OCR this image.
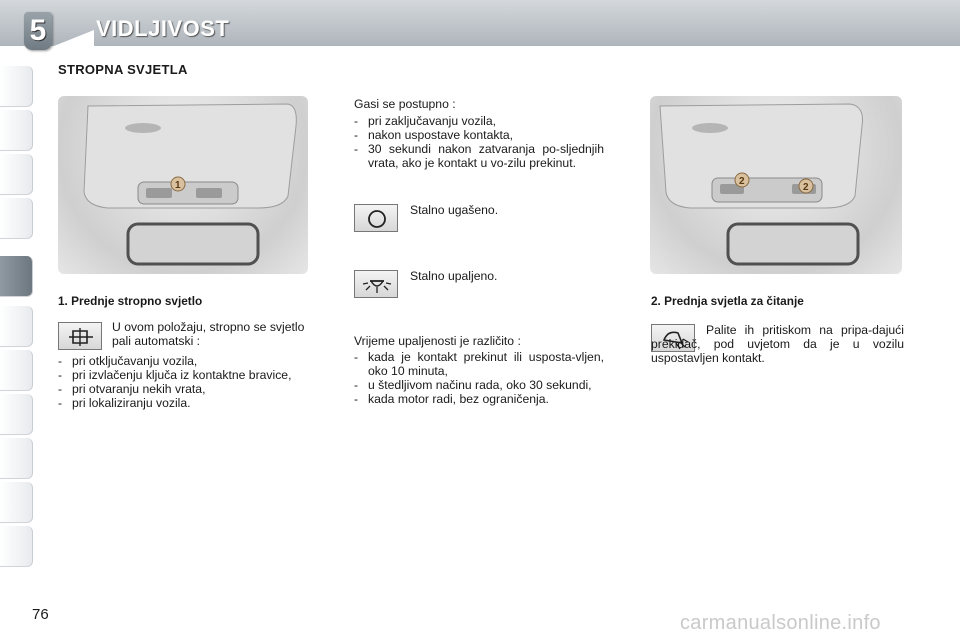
5 VIDLJIVOST
STROPNA SVJETLA
1
1. Prednje stropno svjetlo
U ovom položaju, stropno se svjetlo pali automatski :
- pri otključavanju vozila,
- pri izvlačenju ključa iz kontaktne bravice,
- pri otvaranju nekih vrata,
- pri lokaliziranju vozila.
Gasi se postupno :
- pri zaključavanju vozila,
- nakon uspostave kontakta,
- 30 sekundi nakon zatvaranja po-sljednjih vrata, ako je kontakt u vo-zilu prekinut.
Stalno ugašeno.
Stalno upaljeno.
Vrijeme upaljenosti je različito :
- kada je kontakt prekinut ili usposta-vljen, oko 10 minuta,
- u štedljivom načinu rada, oko 30 sekundi,
- kada motor radi, bez ograničenja.
2
2
2. Prednja svjetla za čitanje
Palite ih pritiskom na pripa-dajući prekidač, pod uvjetom da je u vozilu uspostavljen kontakt.
76	carmanualsonline.info
